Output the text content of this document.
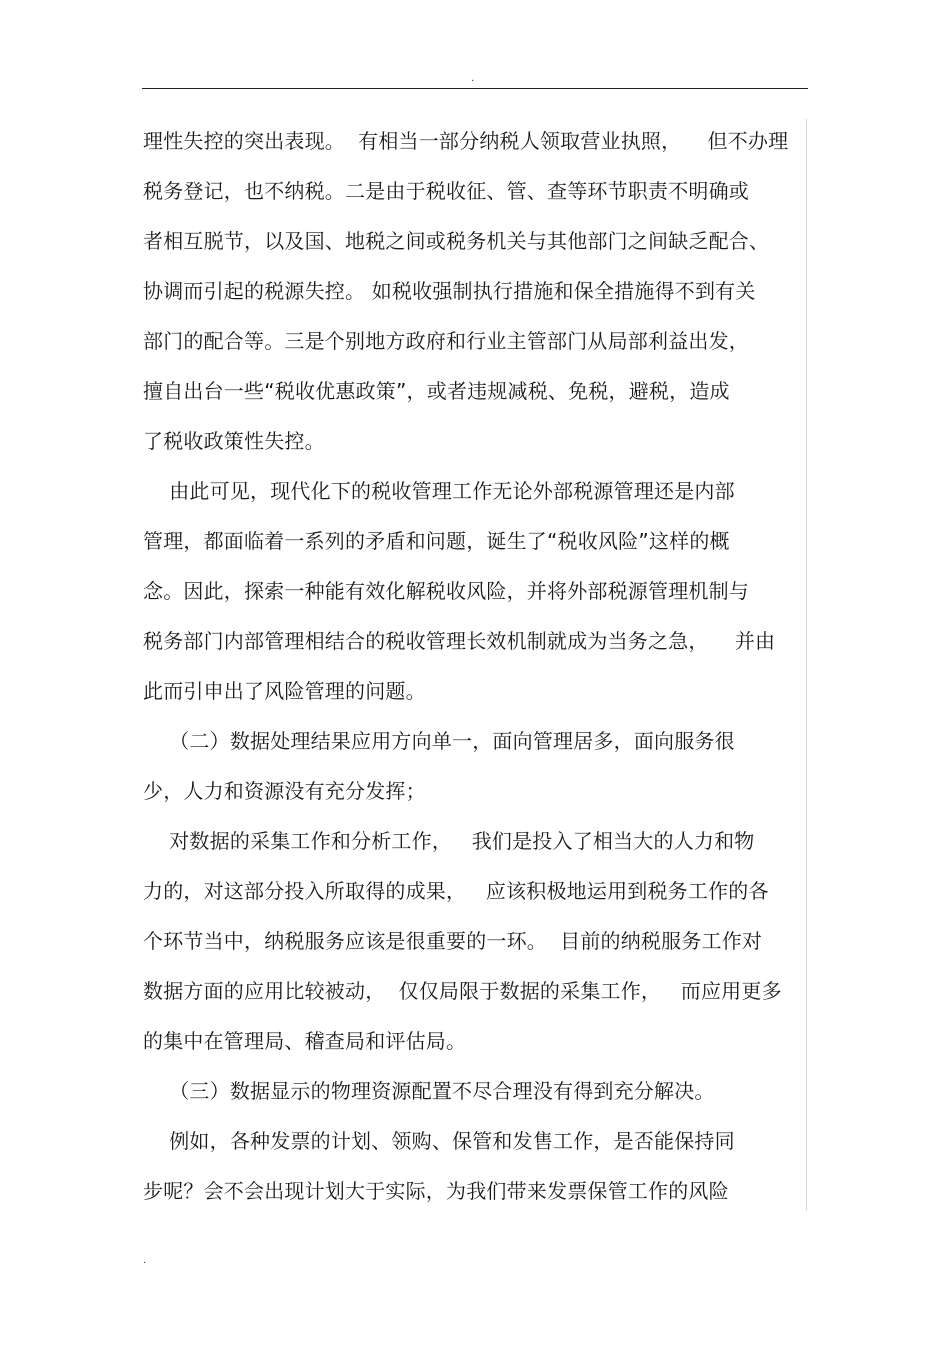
.
理性失控的突出表现。  有相当一部分纳税人领取营业执照，    但不办理
税务登记，也不纳税。二是由于税收征、管、查等环节职责不明确或
者相互脱节，以及国、地税之间或税务机关与其他部门之间缺乏配合、
协调而引起的税源失控。 如税收强制执行措施和保全措施得不到有关
部门的配合等。三是个别地方政府和行业主管部门从局部利益出发，
擅自出台一些“税收优惠政策”，或者违规减税、免税，避税，造成
了税收政策性失控。
由此可见，现代化下的税收管理工作无论外部税源管理还是内部
管理，都面临着一系列的矛盾和问题，诞生了“税收风险”这样的概
念。因此，探索一种能有效化解税收风险，并将外部税源管理机制与
税务部门内部管理相结合的税收管理长效机制就成为当务之急，    并由
此而引申出了风险管理的问题。
（二）数据处理结果应用方向单一，面向管理居多，面向服务很
少，人力和资源没有充分发挥；
对数据的采集工作和分析工作，   我们是投入了相当大的人力和物
力的，对这部分投入所取得的成果，   应该积极地运用到税务工作的各
个环节当中，纳税服务应该是很重要的一环。  目前的纳税服务工作对
数据方面的应用比较被动，  仅仅局限于数据的采集工作，   而应用更多
的集中在管理局、稽查局和评估局。
（三）数据显示的物理资源配置不尽合理没有得到充分解决。
例如，各种发票的计划、领购、保管和发售工作，是否能保持同
步呢？会不会出现计划大于实际，为我们带来发票保管工作的风险
.
